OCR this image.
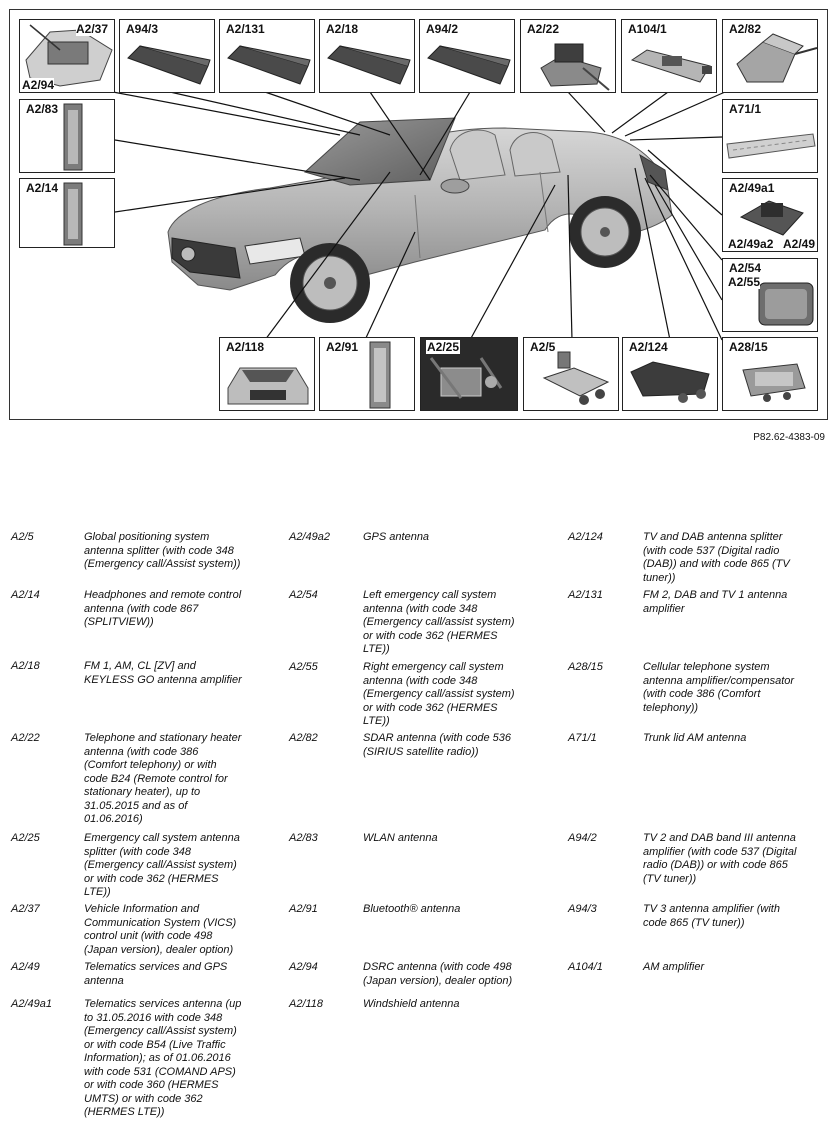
A2/37
A2/94
A94/3	A2/131	A2/18	A94/2	A2/22	A104/1	A2/82
A2/83
A2/14
A71/1
A2/49a1
A2/49a2 A2/49
A2/54
A2/55
A2/118	A2/91	A2/25	A2/5	A2/124	A28/15
P82.62-4383-09
A2/5	Global positioning system
antenna splitter (with code 348
(Emergency call/Assist system))
A2/14	Headphones and remote control
antenna (with code 867
(SPLITVIEW))
A2/18	FM 1, AM, CL [ZV] and
KEYLESS GO antenna amplifier
A2/22	Telephone and stationary heater
antenna (with code 386
(Comfort telephony) or with
code B24 (Remote control for
stationary heater), up to
31.05.2015 and as of
01.06.2016)
A2/25	Emergency call system antenna
splitter (with code 348
(Emergency call/Assist system)
or with code 362 (HERMES
LTE))
A2/37	Vehicle Information and
Communication System (VICS)
control unit (with code 498
(Japan version), dealer option)
A2/49	Telematics services and GPS
antenna
A2/49a1	Telematics services antenna (up
to 31.05.2016 with code 348
(Emergency call/Assist system)
or with code B54 (Live Traffic
Information); as of 01.06.2016
with code 531 (COMAND APS)
or with code 360 (HERMES
UMTS) or with code 362
(HERMES LTE))
A2/49a2	GPS antenna
A2/54	Left emergency call system
antenna (with code 348
(Emergency call/assist system)
or with code 362 (HERMES
LTE))
A2/55	Right emergency call system
antenna (with code 348
(Emergency call/assist system)
or with code 362 (HERMES
LTE))
A2/82	SDAR antenna (with code 536
(SIRIUS satellite radio))
A2/83	WLAN antenna
A2/91	Bluetooth® antenna
A2/94	DSRC antenna (with code 498
(Japan version), dealer option)
A2/118	Windshield antenna
A2/124	TV and DAB antenna splitter
(with code 537 (Digital radio
(DAB)) and with code 865 (TV
tuner))
A2/131	FM 2, DAB and TV 1 antenna
amplifier
A28/15	Cellular telephone system
antenna amplifier/compensator
(with code 386 (Comfort
telephony))
A71/1	Trunk lid AM antenna
A94/2	TV 2 and DAB band III antenna
amplifier (with code 537 (Digital
radio (DAB)) or with code 865
(TV tuner))
A94/3	TV 3 antenna amplifier (with
code 865 (TV tuner))
A104/1	AM amplifier
